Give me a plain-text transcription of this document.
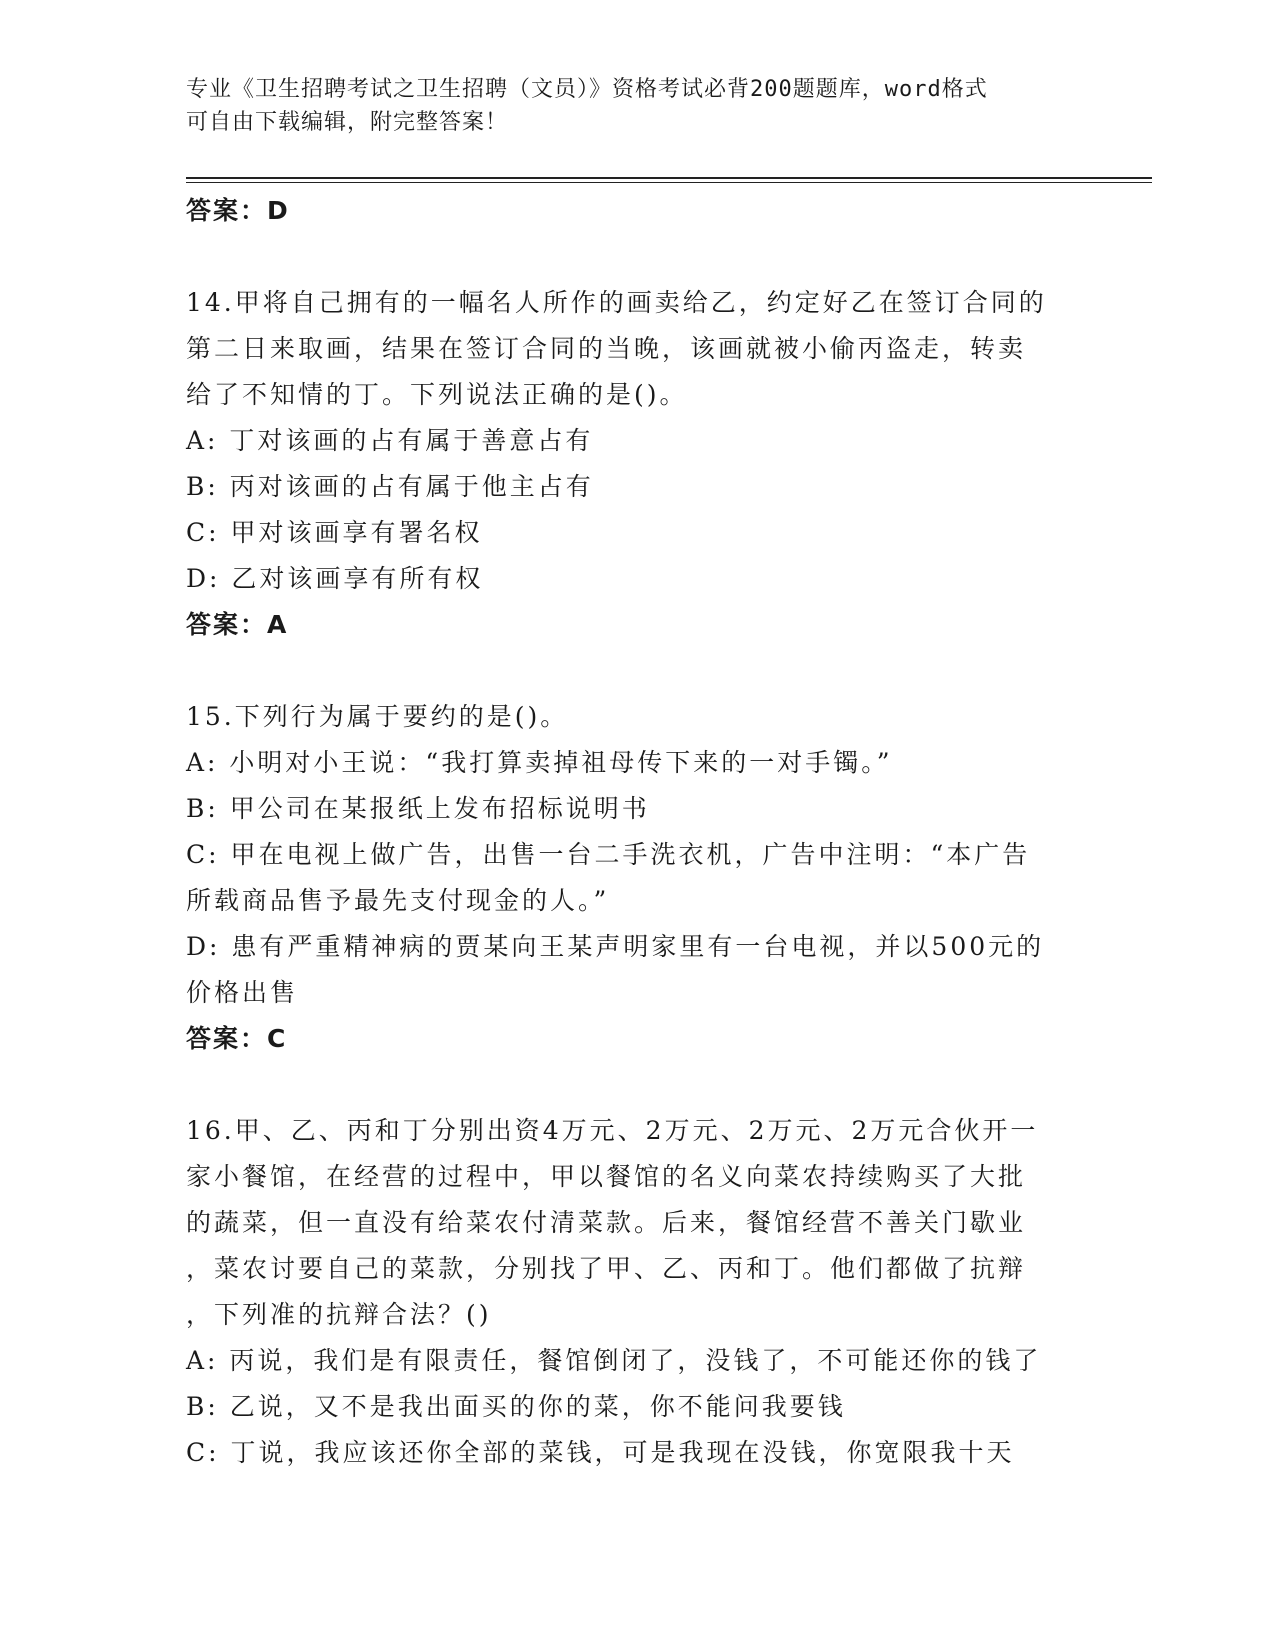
专业《卫生招聘考试之卫生招聘（文员）》资格考试必背200题题库，word格式
可自由下载编辑，附完整答案！
答案：D
14.甲将自己拥有的一幅名人所作的画卖给乙，约定好乙在签订合同的
第二日来取画，结果在签订合同的当晚，该画就被小偷丙盗走，转卖
给了不知情的丁。下列说法正确的是()。
A: 丁对该画的占有属于善意占有
B: 丙对该画的占有属于他主占有
C: 甲对该画享有署名权
D: 乙对该画享有所有权
答案：A
15.下列行为属于要约的是()。
A: 小明对小王说：“我打算卖掉祖母传下来的一对手镯。”
B: 甲公司在某报纸上发布招标说明书
C: 甲在电视上做广告，出售一台二手洗衣机，广告中注明：“本广告
所载商品售予最先支付现金的人。”
D: 患有严重精神病的贾某向王某声明家里有一台电视，并以500元的
价格出售
答案：C
16.甲、乙、丙和丁分别出资4万元、2万元、2万元、2万元合伙开一
家小餐馆，在经营的过程中，甲以餐馆的名义向菜农持续购买了大批
的蔬菜，但一直没有给菜农付清菜款。后来，餐馆经营不善关门歇业
，菜农讨要自己的菜款，分别找了甲、乙、丙和丁。他们都做了抗辩
，下列准的抗辩合法？()
A: 丙说，我们是有限责任，餐馆倒闭了，没钱了，不可能还你的钱了
B: 乙说，又不是我出面买的你的菜，你不能问我要钱
C: 丁说，我应该还你全部的菜钱，可是我现在没钱，你宽限我十天
